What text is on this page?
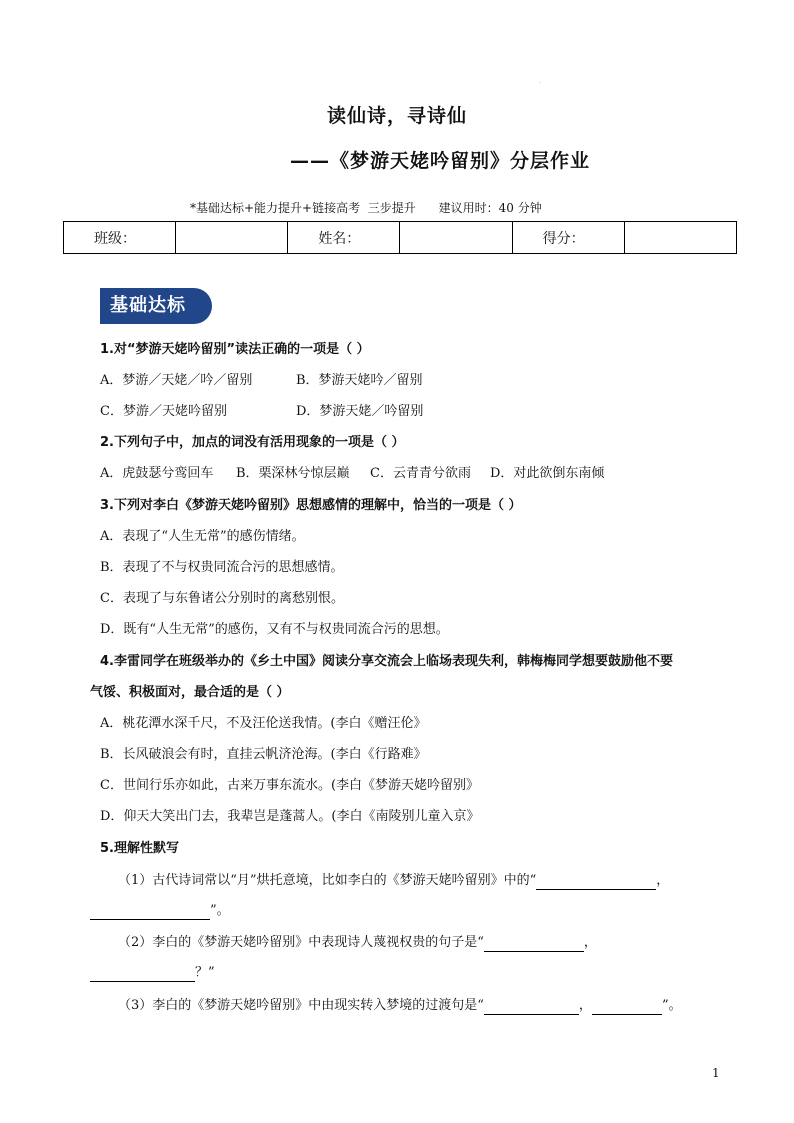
·
读仙诗，寻诗仙
——《梦游天姥吟留别》分层作业
*基础达标+能力提升+链接高考  三步提升      建议用时：40 分钟
班级：		姓名：		得分：	
基础达标
1.对“梦游天姥吟留别”读法正确的一项是（ ）
A．梦游／天姥／吟／留别	B．梦游天姥吟／留别
C．梦游／天姥吟留别	D．梦游天姥／吟留别
2.下列句子中，加点的词没有活用现象的一项是（ ）
A．虎鼓瑟兮鸾回车 B．栗深林兮惊层巅 C．云青青兮欲雨 D．对此欲倒东南倾
3.下列对李白《梦游天姥吟留别》思想感情的理解中，恰当的一项是（ ）
A．表现了“人生无常”的感伤情绪。
B．表现了不与权贵同流合污的思想感情。
C．表现了与东鲁诸公分别时的离愁别恨。
D．既有“人生无常”的感伤，又有不与权贵同流合污的思想。
4.李雷同学在班级举办的《乡土中国》阅读分享交流会上临场表现失利，韩梅梅同学想要鼓励他不要
气馁、积极面对，最合适的是（ ）
A．桃花潭水深千尺，不及汪伦送我情。(李白《赠汪伦》
B．长风破浪会有时，直挂云帆济沧海。(李白《行路难》
C．世间行乐亦如此，古来万事东流水。(李白《梦游天姥吟留别》
D．仰天大笑出门去，我辈岂是蓬蒿人。(李白《南陵别儿童入京》
5.理解性默写
（1）古代诗词常以“月”烘托意境，比如李白的《梦游天姥吟留别》中的“	，
”。
（2）李白的《梦游天姥吟留别》中表现诗人蔑视权贵的句子是“	，
？”
（3）李白的《梦游天姥吟留别》中由现实转入梦境的过渡句是“	，	”。
1
